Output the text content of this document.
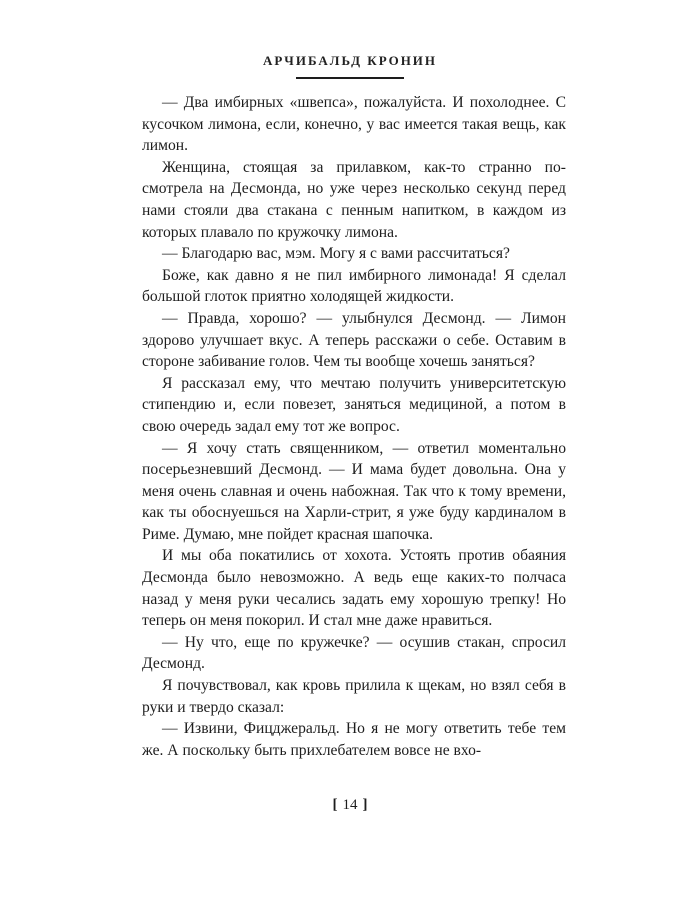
АРЧИБАЛЬД КРОНИН

— Два имбирных «швепса», пожалуйста. И похолоднее. С кусочком лимона, если, конечно, у вас имеется такая вещь, как лимон.

Женщина, стоящая за прилавком, как-то странно посмотрела на Десмонда, но уже через несколько секунд перед нами стояли два стакана с пенным напитком, в каждом из которых плавало по кружочку лимона.

— Благодарю вас, мэм. Могу я с вами рассчитаться?

Боже, как давно я не пил имбирного лимонада! Я сделал большой глоток приятно холодящей жидкости.

— Правда, хорошо? — улыбнулся Десмонд. — Лимон здорово улучшает вкус. А теперь расскажи о себе. Оставим в стороне забивание голов. Чем ты вообще хочешь заняться?

Я рассказал ему, что мечтаю получить университетскую стипендию и, если повезет, заняться медициной, а потом в свою очередь задал ему тот же вопрос.

— Я хочу стать священником, — ответил моментально посерьезневший Десмонд. — И мама будет довольна. Она у меня очень славная и очень набожная. Так что к тому времени, как ты обоснуешься на Харли-стрит, я уже буду кардиналом в Риме. Думаю, мне пойдет красная шапочка.

И мы оба покатились от хохота. Устоять против обаяния Десмонда было невозможно. А ведь еще каких-то полчаса назад у меня руки чесались задать ему хорошую трепку! Но теперь он меня покорил. И стал мне даже нравиться.

— Ну что, еще по кружечке? — осушив стакан, спросил Десмонд.

Я почувствовал, как кровь прилила к щекам, но взял себя в руки и твердо сказал:

— Извини, Фицджеральд. Но я не могу ответить тебе тем же. А поскольку быть прихлебателем вовсе не вхо-

[ 14 ]
